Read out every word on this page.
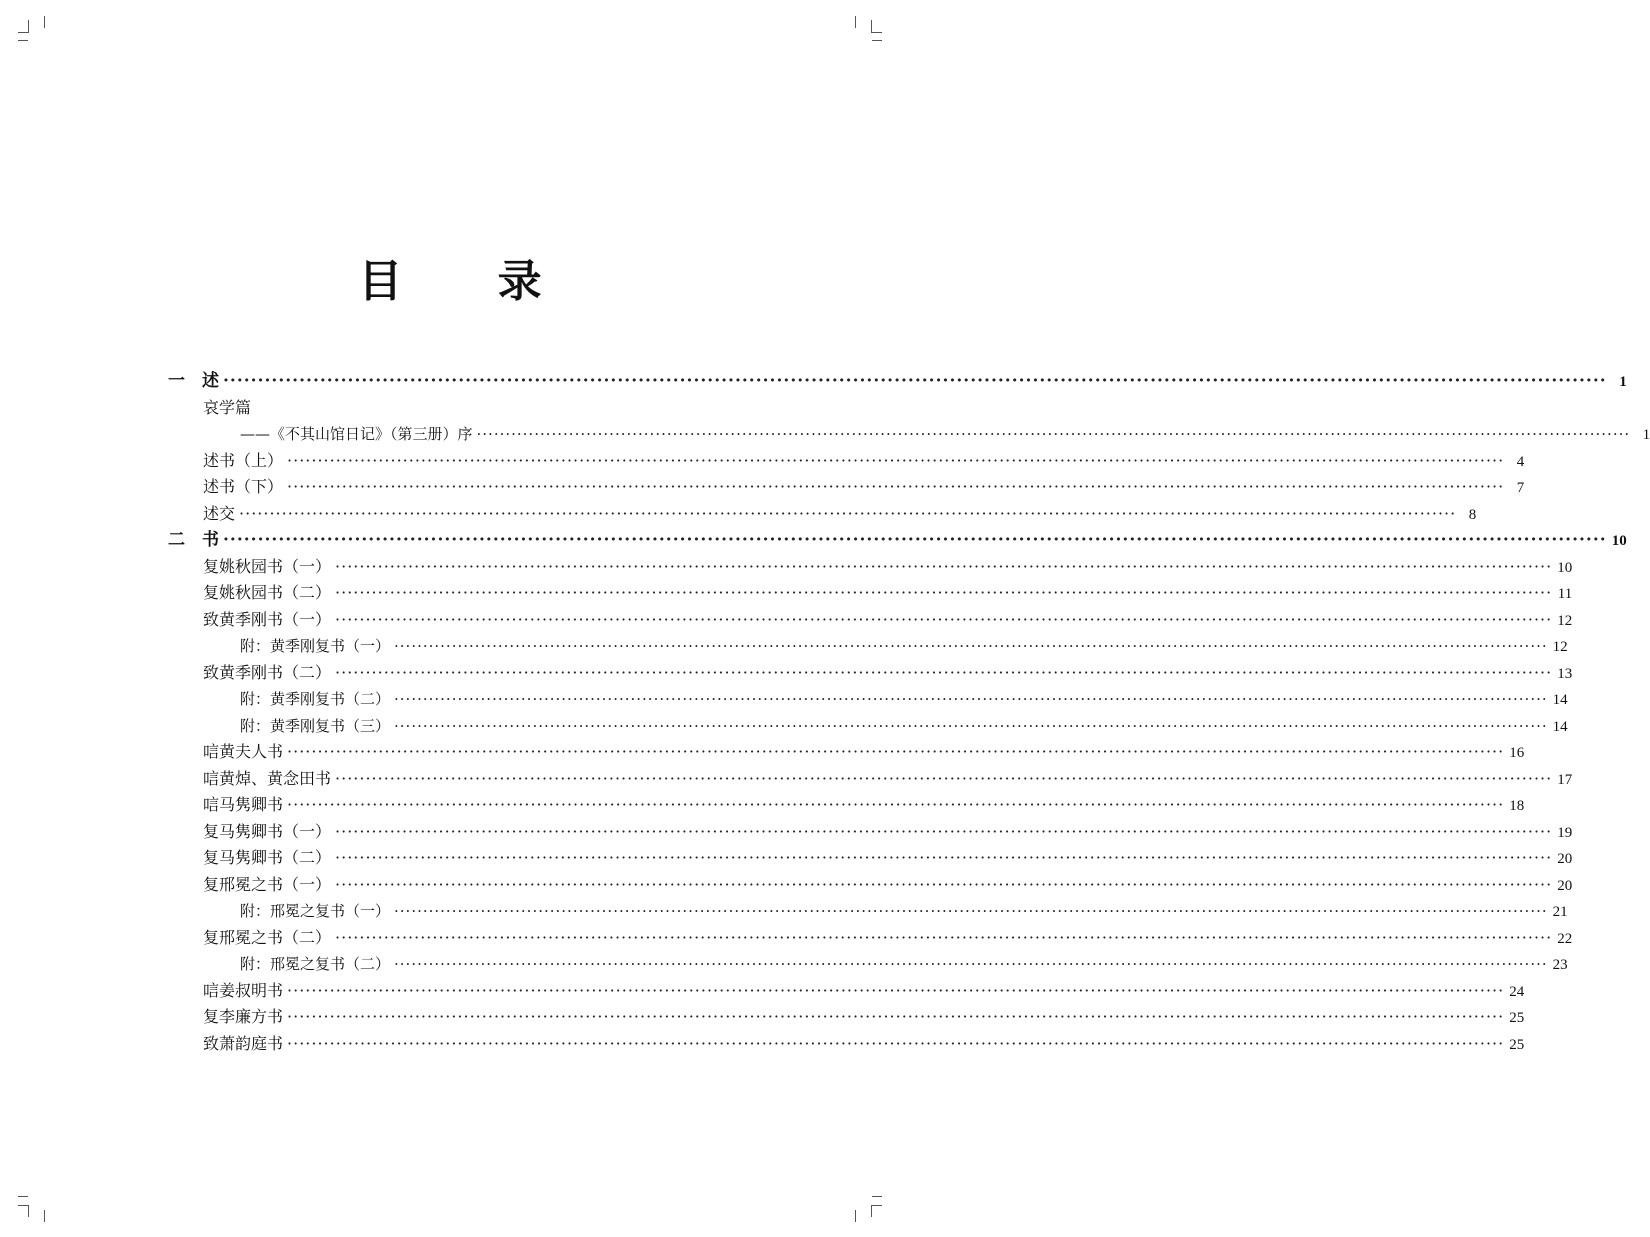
目 录
一 述 ········································································································································································································ 1
哀学篇
——《不其山馆日记》（第三册）序 ········································································································································································································ 1
述书（上） ········································································································································································································ 4
述书（下） ········································································································································································································ 7
述交 ········································································································································································································ 8
二 书 ········································································································································································································ 10
复姚秋园书（一） ········································································································································································································ 10
复姚秋园书（二） ········································································································································································································ 11
致黄季刚书（一） ········································································································································································································ 12
附：黄季刚复书（一） ········································································································································································································ 12
致黄季刚书（二） ········································································································································································································ 13
附：黄季刚复书（二） ········································································································································································································ 14
附：黄季刚复书（三） ········································································································································································································ 14
唁黄夫人书 ········································································································································································································ 16
唁黄焯、黄念田书 ········································································································································································································ 17
唁马隽卿书 ········································································································································································································ 18
复马隽卿书（一） ········································································································································································································ 19
复马隽卿书（二） ········································································································································································································ 20
复邢冕之书（一） ········································································································································································································ 20
附：邢冕之复书（一） ········································································································································································································ 21
复邢冕之书（二） ········································································································································································································ 22
附：邢冕之复书（二） ········································································································································································································ 23
唁姜叔明书 ········································································································································································································ 24
复李廉方书 ········································································································································································································ 25
致萧韵庭书 ········································································································································································································ 25
